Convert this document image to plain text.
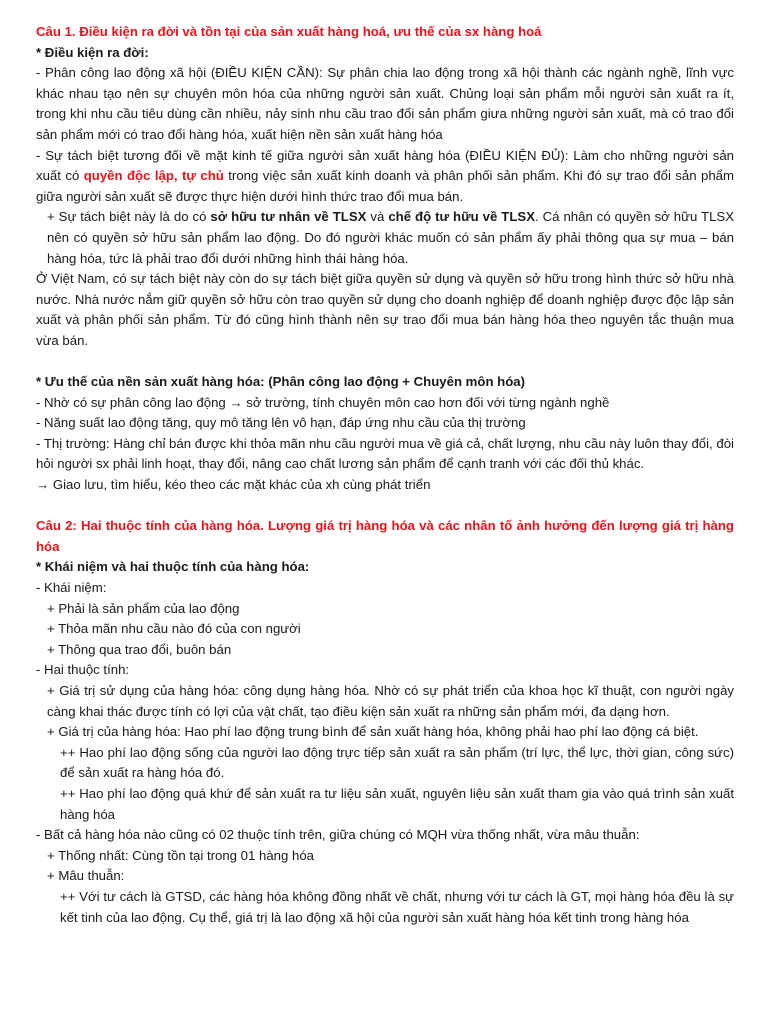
Câu 1. Điều kiện ra đời và tồn tại của sản xuất hàng hoá, ưu thế của sx hàng hoá

* Điều kiện ra đời:

- Phân công lao động xã hội (ĐIỀU KIỆN CẦN): Sự phân chia lao động trong xã hội thành các ngành nghề, lĩnh vực khác nhau tạo nên sự chuyên môn hóa của những người sản xuất. Chủng loại sản phẩm mỗi người sản xuất ra ít, trong khi nhu cầu tiêu dùng cần nhiều, nảy sinh nhu cầu trao đổi sản phẩm giưa những người sản xuất, mà có trao đổi sản phẩm mới có trao đổi hàng hóa, xuất hiện nền sản xuất hàng hóa

- Sự tách biệt tương đối về mặt kinh tế giữa người sản xuất hàng hóa (ĐIỀU KIỆN ĐỦ): Làm cho những người sản xuất có quyền độc lập, tự chủ trong việc sản xuất kinh doanh và phân phối sản phẩm. Khi đó sự trao đổi sản phẩm giữa người sản xuất sẽ được thực hiện dưới hình thức trao đổi mua bán.

+ Sự tách biệt này là do có sở hữu tư nhân về TLSX và chế độ tư hữu về TLSX. Cá nhân có quyền sở hữu TLSX nên có quyền sở hữu sản phẩm lao động. Do đó người khác muốn có sản phẩm ấy phải thông qua sự mua – bán hàng hóa, tức là phải trao đổi dưới những hình thái hàng hóa.

Ở Việt Nam, có sự tách biệt này còn do sự tách biệt giữa quyền sử dụng và quyền sở hữu trong hình thức sở hữu nhà nước. Nhà nước nắm giữ quyền sở hữu còn trao quyền sử dụng cho doanh nghiệp để doanh nghiệp được độc lập sản xuất và phân phối sản phẩm. Từ đó cũng hình thành nên sự trao đổi mua bán hàng hóa theo nguyên tắc thuận mua vừa bán.

* Ưu thế của nền sản xuất hàng hóa: (Phân công lao động + Chuyên môn hóa)

- Nhờ có sự phân công lao động → sở trường, tính chuyên môn cao hơn đối với từng ngành nghề

- Năng suất lao động tăng, quy mô tăng lên vô hạn, đáp ứng nhu cầu của thị trường

- Thị trường: Hàng chỉ bán được khi thỏa mãn nhu cầu người mua về giá cả, chất lượng, nhu cầu này luôn thay đổi, đòi hỏi người sx phải linh hoạt, thay đổi, nâng cao chất lương sản phẩm để cạnh tranh với các đối thủ khác.

→ Giao lưu, tìm hiểu, kéo theo các mặt khác của xh cùng phát triển

Câu 2: Hai thuộc tính của hàng hóa. Lượng giá trị hàng hóa và các nhân tố ảnh hưởng đến lượng giá trị hàng hóa

* Khái niệm và hai thuộc tính của hàng hóa:

- Khái niệm:

+ Phải là sản phẩm của lao động

+ Thỏa mãn nhu cầu nào đó của con người

+ Thông qua trao đổi, buôn bán

- Hai thuộc tính:

+ Giá trị sử dụng của hàng hóa: công dụng hàng hóa. Nhờ có sự phát triển của khoa học kĩ thuật, con người ngày càng khai thác được tính có lợi của vật chất, tạo điều kiện sản xuất ra những sản phẩm mới, đa dạng hơn.

+ Giá trị của hàng hóa: Hao phí lao động trung bình để sản xuất hàng hóa, không phải hao phí lao động cá biệt.

++ Hao phí lao động sống của người lao động trực tiếp sản xuất ra sản phẩm (trí lực, thể lực, thời gian, công sức) để sản xuất ra hàng hóa đó.

++ Hao phí lao động quá khứ để sản xuất ra tư liệu sản xuất, nguyên liệu sản xuất tham gia vào quá trình sản xuất hàng hóa

- Bất cả hàng hóa nào cũng có 02 thuộc tính trên, giữa chúng có MQH vừa thống nhất, vừa mâu thuẫn:

+ Thống nhất: Cùng tồn tại trong 01 hàng hóa

+ Mâu thuẫn:

++ Với tư cách là GTSD, các hàng hóa không đồng nhất về chất, nhưng với tư cách là GT, mọi hàng hóa đều là sự kết tinh của lao động. Cụ thể, giá trị là lao động xã hội của người sản xuất hàng hóa kết tinh trong hàng hóa
